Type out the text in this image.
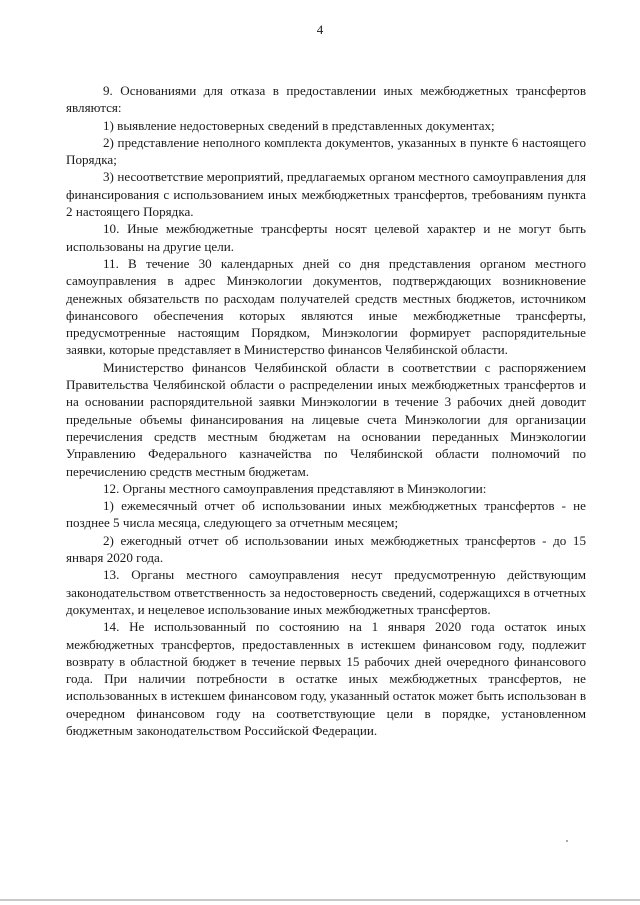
4

9. Основаниями для отказа в предоставлении иных межбюджетных трансфертов являются:

1) выявление недостоверных сведений в представленных документах;

2) представление неполного комплекта документов, указанных в пункте 6 настоящего Порядка;

3) несоответствие мероприятий, предлагаемых органом местного самоуправления для финансирования с использованием иных межбюджетных трансфертов, требованиям пункта 2 настоящего Порядка.

10. Иные межбюджетные трансферты носят целевой характер и не могут быть использованы на другие цели.

11. В течение 30 календарных дней со дня представления органом местного самоуправления в адрес Минэкологии документов, подтверждающих возникновение денежных обязательств по расходам получателей средств местных бюджетов, источником финансового обеспечения которых являются иные межбюджетные трансферты, предусмотренные настоящим Порядком, Минэкологии формирует распорядительные заявки, которые представляет в Министерство финансов Челябинской области.

Министерство финансов Челябинской области в соответствии с распоряжением Правительства Челябинской области о распределении иных межбюджетных трансфертов и на основании распорядительной заявки Минэкологии в течение 3 рабочих дней доводит предельные объемы финансирования на лицевые счета Минэкологии для организации перечисления средств местным бюджетам на основании переданных Минэкологии Управлению Федерального казначейства по Челябинской области полномочий по перечислению средств местным бюджетам.

12. Органы местного самоуправления представляют в Минэкологии:

1) ежемесячный отчет об использовании иных межбюджетных трансфертов - не позднее 5 числа месяца, следующего за отчетным месяцем;

2) ежегодный отчет об использовании иных межбюджетных трансфертов - до 15 января 2020 года.

13. Органы местного самоуправления несут предусмотренную действующим законодательством ответственность за недостоверность сведений, содержащихся в отчетных документах, и нецелевое использование иных межбюджетных трансфертов.

14. Не использованный по состоянию на 1 января 2020 года остаток иных межбюджетных трансфертов, предоставленных в истекшем финансовом году, подлежит возврату в областной бюджет в течение первых 15 рабочих дней очередного финансового года. При наличии потребности в остатке иных межбюджетных трансфертов, не использованных в истекшем финансовом году, указанный остаток может быть использован в очередном финансовом году на соответствующие цели в порядке, установленном бюджетным законодательством Российской Федерации.
